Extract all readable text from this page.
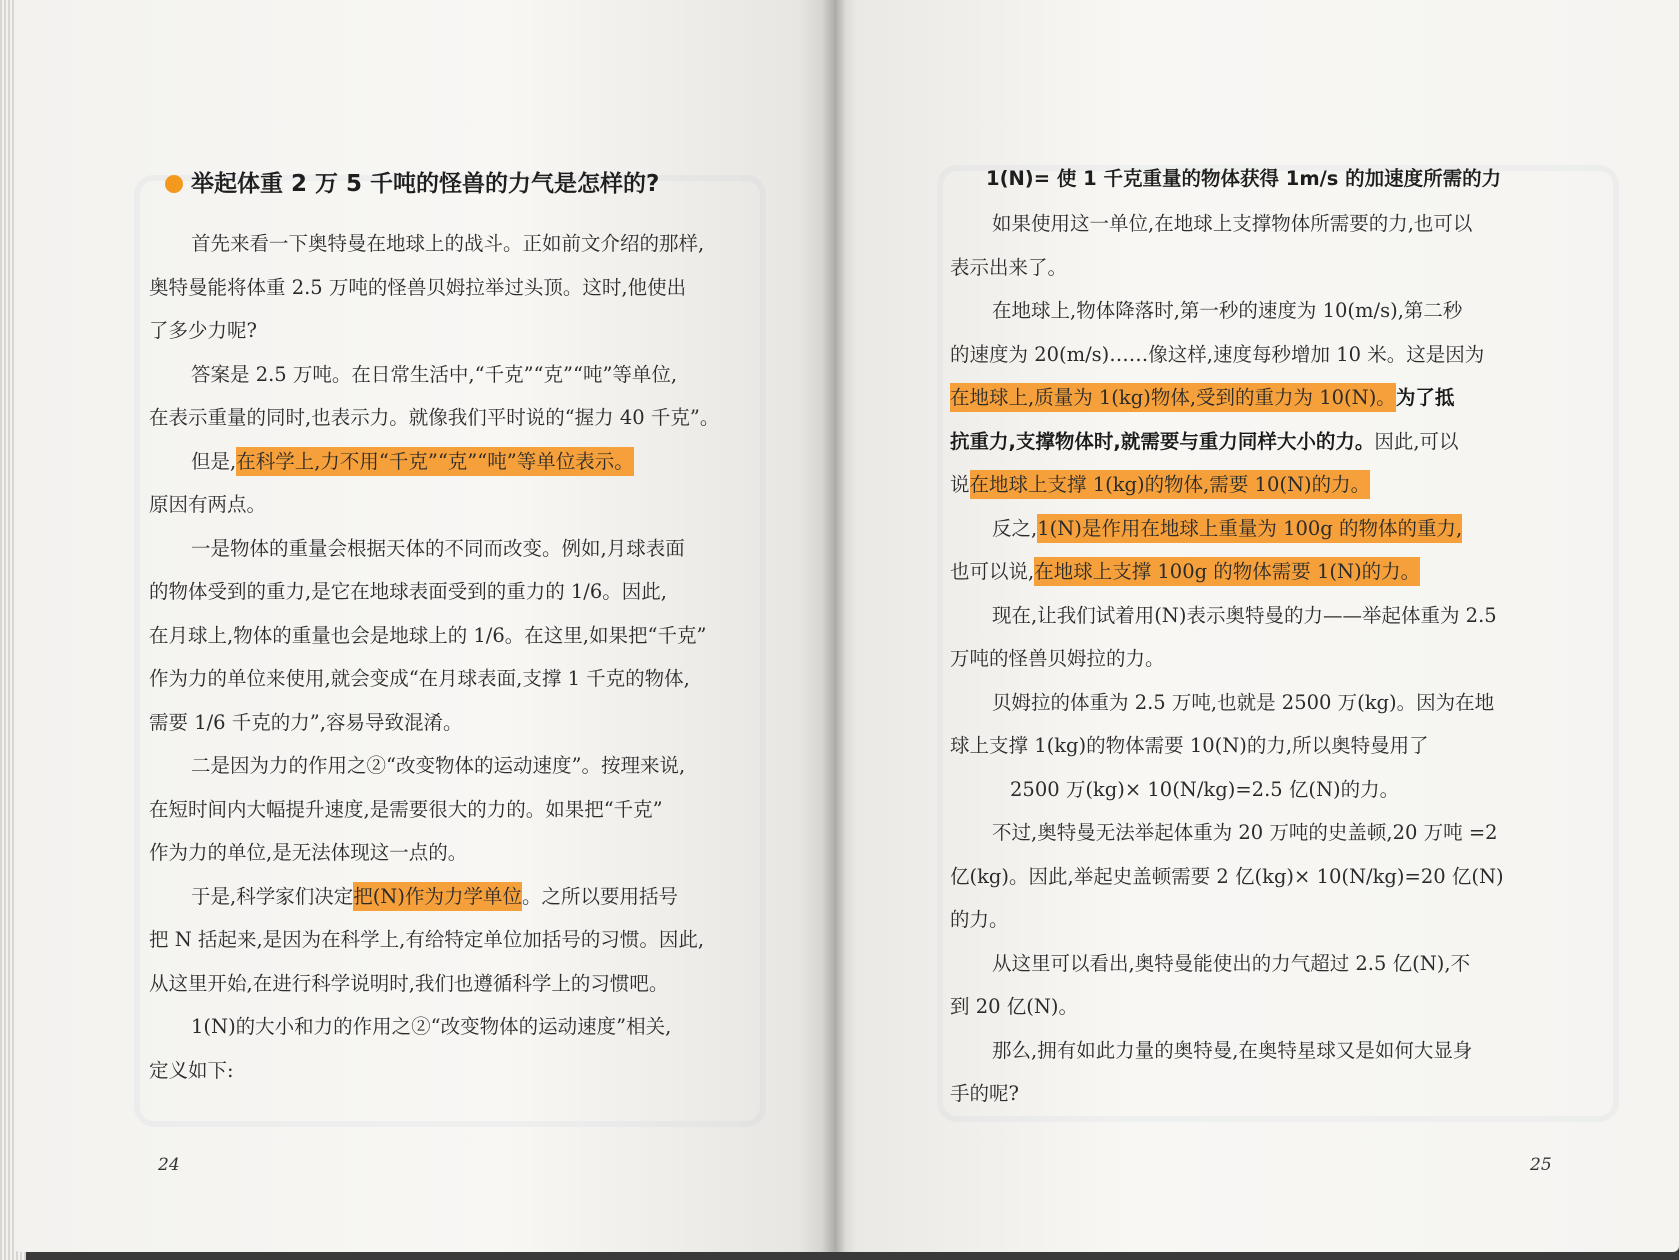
举起体重 2 万 5 千吨的怪兽的力气是怎样的?
首先来看一下奥特曼在地球上的战斗。正如前文介绍的那样,
奥特曼能将体重 2.5 万吨的怪兽贝姆拉举过头顶。这时,他使出
了多少力呢?
答案是 2.5 万吨。在日常生活中,“千克”“克”“吨”等单位,
在表示重量的同时,也表示力。就像我们平时说的“握力 40 千克”。
但是,在科学上,力不用“千克”“克”“吨”等单位表示。
原因有两点。
一是物体的重量会根据天体的不同而改变。例如,月球表面
的物体受到的重力,是它在地球表面受到的重力的 1/6。因此,
在月球上,物体的重量也会是地球上的 1/6。在这里,如果把“千克”
作为力的单位来使用,就会变成“在月球表面,支撑 1 千克的物体,
需要 1/6 千克的力”,容易导致混淆。
二是因为力的作用之②“改变物体的运动速度”。按理来说,
在短时间内大幅提升速度,是需要很大的力的。如果把“千克”
作为力的单位,是无法体现这一点的。
于是,科学家们决定把(N)作为力学单位。之所以要用括号
把 N 括起来,是因为在科学上,有给特定单位加括号的习惯。因此,
从这里开始,在进行科学说明时,我们也遵循科学上的习惯吧。
1(N)的大小和力的作用之②“改变物体的运动速度”相关,
定义如下:
24
1(N)= 使 1 千克重量的物体获得 1m/s 的加速度所需的力
如果使用这一单位,在地球上支撑物体所需要的力,也可以
表示出来了。
在地球上,物体降落时,第一秒的速度为 10(m/s),第二秒
的速度为 20(m/s)……像这样,速度每秒增加 10 米。这是因为
在地球上,质量为 1(kg)物体,受到的重力为 10(N)。为了抵
抗重力,支撑物体时,就需要与重力同样大小的力。因此,可以
说在地球上支撑 1(kg)的物体,需要 10(N)的力。
反之,1(N)是作用在地球上重量为 100g 的物体的重力,
也可以说,在地球上支撑 100g 的物体需要 1(N)的力。
现在,让我们试着用(N)表示奥特曼的力——举起体重为 2.5
万吨的怪兽贝姆拉的力。
贝姆拉的体重为 2.5 万吨,也就是 2500 万(kg)。因为在地
球上支撑 1(kg)的物体需要 10(N)的力,所以奥特曼用了
2500 万(kg)× 10(N/kg)=2.5 亿(N)的力。
不过,奥特曼无法举起体重为 20 万吨的史盖顿,20 万吨 =2
亿(kg)。因此,举起史盖顿需要 2 亿(kg)× 10(N/kg)=20 亿(N)
的力。
从这里可以看出,奥特曼能使出的力气超过 2.5 亿(N),不
到 20 亿(N)。
那么,拥有如此力量的奥特曼,在奥特星球又是如何大显身
手的呢?
25
